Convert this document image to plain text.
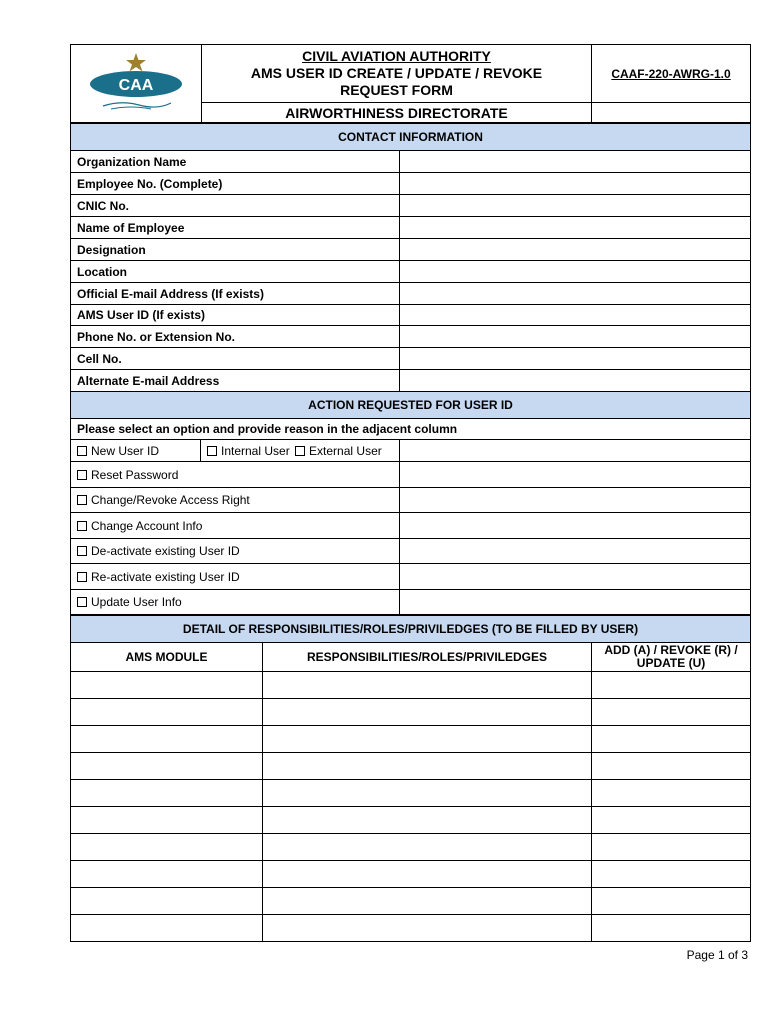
CAA	CIVIL AVIATION AUTHORITY
AMS USER ID CREATE / UPDATE / REVOKE
REQUEST FORM	CAAF-220-AWRG-1.0
	AIRWORTHINESS DIRECTORATE	
CONTACT INFORMATION		
Organization Name		
Employee No. (Complete)		
CNIC No.		
Name of Employee		
Designation		
Location		
Official E-mail Address (If exists)		
AMS User ID (If exists)		
Phone No. or Extension No.		
Cell No.		
Alternate E-mail Address		
ACTION REQUESTED FOR USER ID		
Please select an option and provide reason in the adjacent column		
New User ID	Internal User External User	
Reset Password		
Change/Revoke Access Right		
Change Account Info		
De-activate existing User ID		
Re-activate existing User ID		
Update User Info		
DETAIL OF RESPONSIBILITIES/ROLES/PRIVILEDGES (TO BE FILLED BY USER)		
AMS MODULE	RESPONSIBILITIES/ROLES/PRIVILEDGES	ADD (A) / REVOKE (R) / UPDATE (U)

Page 1 of 3
